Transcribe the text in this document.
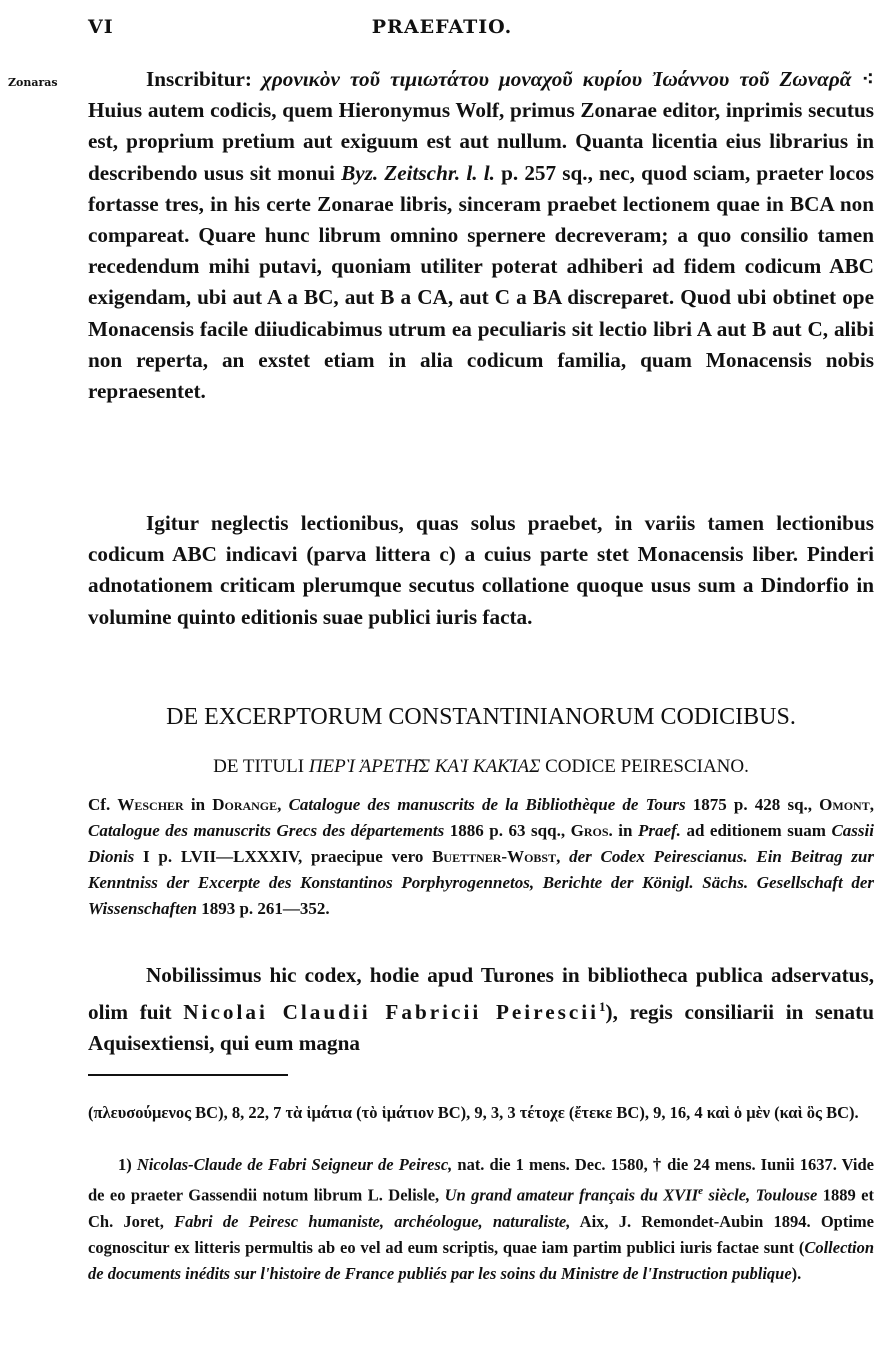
VI	PRAEFATIO.
Zonaras	Inscribitur: χρονικὸν τοῦ τιμιωτάτου μοναχοῦ κυρίου Ἰωάννου τοῦ Ζωναρᾶ ⁖ Huius autem codicis, quem Hieronymus Wolf, primus Zonarae editor, inprimis secutus est, proprium pretium aut exiguum est aut nullum. Quanta licentia eius librarius in describendo usus sit monui Byz. Zeitschr. l. l. p. 257 sq., nec, quod sciam, praeter locos fortasse tres, in his certe Zonarae libris, sinceram praebet lectionem quae in BCA non compareat. Quare hunc librum omnino spernere decreveram; a quo consilio tamen recedendum mihi putavi, quoniam utiliter poterat adhiberi ad fidem codicum ABC exigendam, ubi aut A a BC, aut B a CA, aut C a BA discreparet. Quod ubi obtinet ope Monacensis facile diiudicabimus utrum ea peculiaris sit lectio libri A aut B aut C, alibi non reperta, an exstet etiam in alia codicum familia, quam Monacensis nobis repraesentet.

Igitur neglectis lectionibus, quas solus praebet, in variis tamen lectionibus codicum ABC indicavi (parva littera c) a cuius parte stet Monacensis liber. Pinderi adnotationem criticam plerumque secutus collatione quoque usus sum a Dindorfio in volumine quinto editionis suae publici iuris facta.

DE EXCERPTORUM CONSTANTINIANORUM CODICIBUS.
DE TITULI ΠΕΡῚ ἈΡΕΤΗ͂Σ ΚΑῚ ΚΑΚΊΑΣ CODICE PEIRESCIANO.

Cf. Wescher in Dorange, Catalogue des manuscrits de la Bibliothèque de Tours 1875 p. 428 sq., Omont, Catalogue des manuscrits Grecs des départements 1886 p. 63 sqq., Gros. in Praef. ad editionem suam Cassii Dionis I p. LVII—LXXXIV, praecipue vero Buettner-Wobst, der Codex Peirescianus. Ein Beitrag zur Kenntniss der Excerpte des Konstantinos Porphyrogennetos, Berichte der Königl. Sächs. Gesellschaft der Wissenschaften 1893 p. 261—352.

Nobilissimus hic codex, hodie apud Turones in bibliotheca publica adservatus, olim fuit Nicolai Claudii Fabricii Peirescii$^1$), regis consiliarii in senatu Aquisextiensi, qui eum magna

(πλευσούμενος BC), 8, 22, 7 τὰ ἱμάτια (τὸ ἱμάτιον BC), 9, 3, 3 τέτοχε (ἔτεκε BC), 9, 16, 4 καὶ ὁ μὲν (καὶ ὃς BC).

1) Nicolas-Claude de Fabri Seigneur de Peiresc, nat. die 1 mens. Dec. 1580, † die 24 mens. Iunii 1637. Vide de eo praeter Gassendii notum librum L. Delisle, Un grand amateur français du XVIIe siècle, Toulouse 1889 et Ch. Joret, Fabri de Peiresc humaniste, archéologue, naturaliste, Aix, J. Remondet-Aubin 1894. Optime cognoscitur ex litteris permultis ab eo vel ad eum scriptis, quae iam partim publici iuris factae sunt (Collection de documents inédits sur l'histoire de France publiés par les soins du Ministre de l'Instruction publique).
